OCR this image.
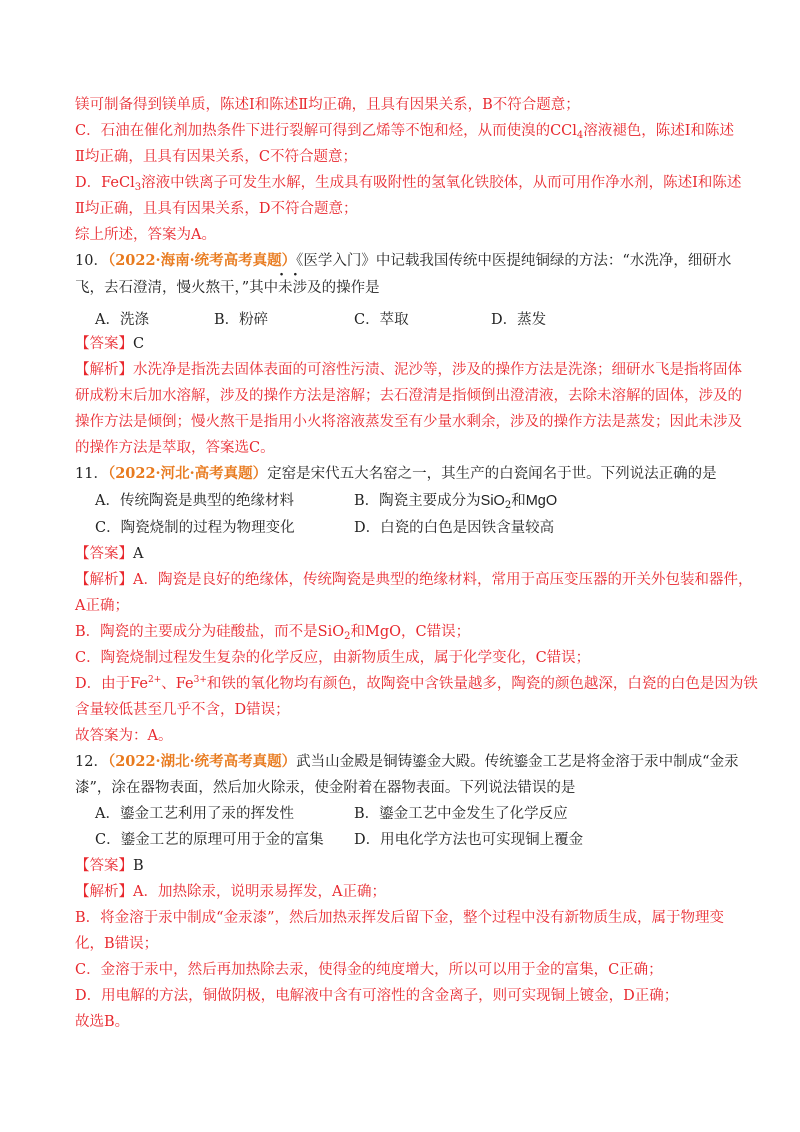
镁可制备得到镁单质，陈述Ⅰ和陈述Ⅱ均正确，且具有因果关系，B不符合题意；
C．石油在催化剂加热条件下进行裂解可得到乙烯等不饱和烃，从而使溴的CCl$_4$溶液褪色，陈述Ⅰ和陈述
Ⅱ均正确，且具有因果关系，C不符合题意；
D．FeCl$_3$溶液中铁离子可发生水解，生成具有吸附性的氢氧化铁胶体，从而可用作净水剂，陈述Ⅰ和陈述
Ⅱ均正确，且具有因果关系，D不符合题意；
综上所述，答案为A。
10．（2022·海南·统考高考真题）《医学入门》中记载我国传统中医提纯铜绿的方法：“水洗净，细研水
飞，去石澄清，慢火熬干，”其中· · 未涉及的操作是
A．洗涤	B．粉碎	C．萃取	D．蒸发
【答案】C
【解析】水洗净是指洗去固体表面的可溶性污渍、泥沙等，涉及的操作方法是洗涤；细研水飞是指将固体
研成粉末后加水溶解，涉及的操作方法是溶解；去石澄清是指倾倒出澄清液，去除未溶解的固体，涉及的
操作方法是倾倒；慢火熬干是指用小火将溶液蒸发至有少量水剩余，涉及的操作方法是蒸发；因此未涉及
的操作方法是萃取，答案选C。
11．（2022·河北·高考真题）定窑是宋代五大名窑之一，其生产的白瓷闻名于世。下列说法正确的是
A．传统陶瓷是典型的绝缘材料	B．陶瓷主要成分为SiO$_2$和MgO
C．陶瓷烧制的过程为物理变化	D．白瓷的白色是因铁含量较高
【答案】A
【解析】A．陶瓷是良好的绝缘体，传统陶瓷是典型的绝缘材料，常用于高压变压器的开关外包装和器件，
A正确；
B．陶瓷的主要成分为硅酸盐，而不是SiO$_2$和MgO，C错误；
C．陶瓷烧制过程发生复杂的化学反应，由新物质生成，属于化学变化，C错误；
D．由于$Fe^{2+}$、$Fe^{3+}$和铁的氧化物均有颜色，故陶瓷中含铁量越多，陶瓷的颜色越深，白瓷的白色是因为铁
含量较低甚至几乎不含，D错误；
故答案为：A。
12．（2022·湖北·统考高考真题）武当山金殿是铜铸鎏金大殿。传统鎏金工艺是将金溶于汞中制成“金汞
漆”，涂在器物表面，然后加火除汞，使金附着在器物表面。下列说法错误的是
A．鎏金工艺利用了汞的挥发性	B．鎏金工艺中金发生了化学反应
C．鎏金工艺的原理可用于金的富集 D．用电化学方法也可实现铜上覆金
【答案】B
【解析】A．加热除汞，说明汞易挥发，A正确；
B．将金溶于汞中制成“金汞漆”，然后加热汞挥发后留下金，整个过程中没有新物质生成，属于物理变
化，B错误；
C．金溶于汞中，然后再加热除去汞，使得金的纯度增大，所以可以用于金的富集，C正确；
D．用电解的方法，铜做阴极，电解液中含有可溶性的含金离子，则可实现铜上镀金，D正确；
故选B。
